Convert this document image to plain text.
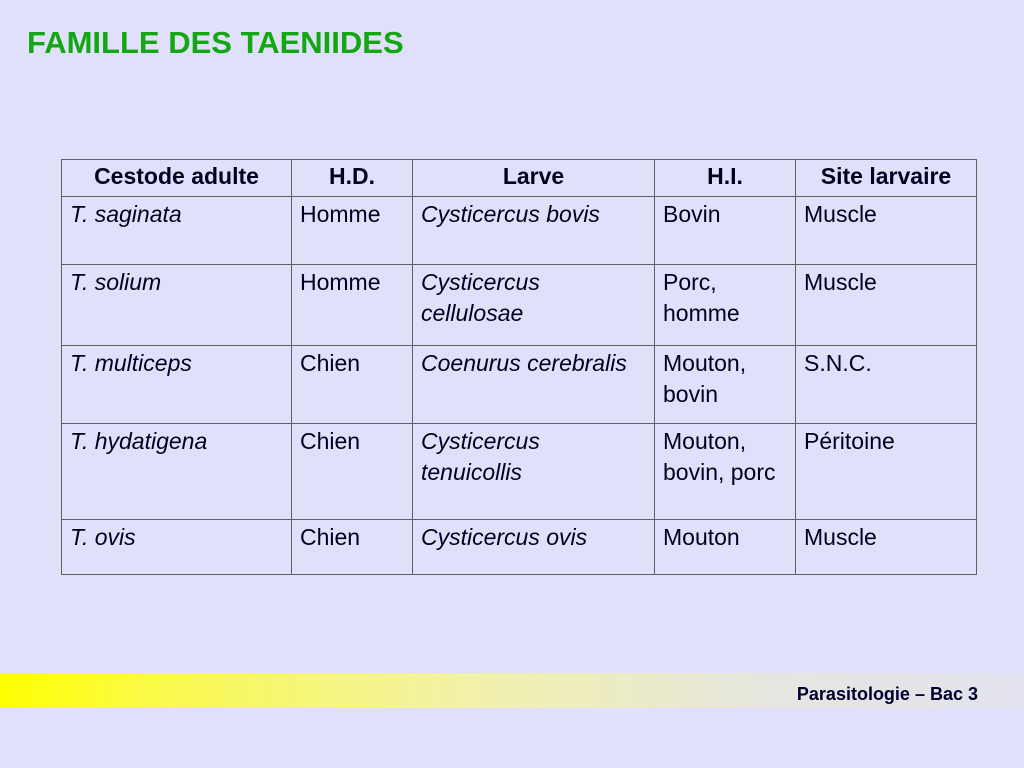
FAMILLE DES TAENIIDES
Cestode adulte	H.D.	Larve	H.I.	Site larvaire
T. saginata	Homme	Cysticercus bovis	Bovin	Muscle
T. solium	Homme	Cysticercus cellulosae	Porc, homme	Muscle
T. multiceps	Chien	Coenurus cerebralis	Mouton, bovin	S.N.C.
T. hydatigena	Chien	Cysticercus tenuicollis	Mouton, bovin, porc	Péritoine
T. ovis	Chien	Cysticercus ovis	Mouton	Muscle
Parasitologie – Bac 3
